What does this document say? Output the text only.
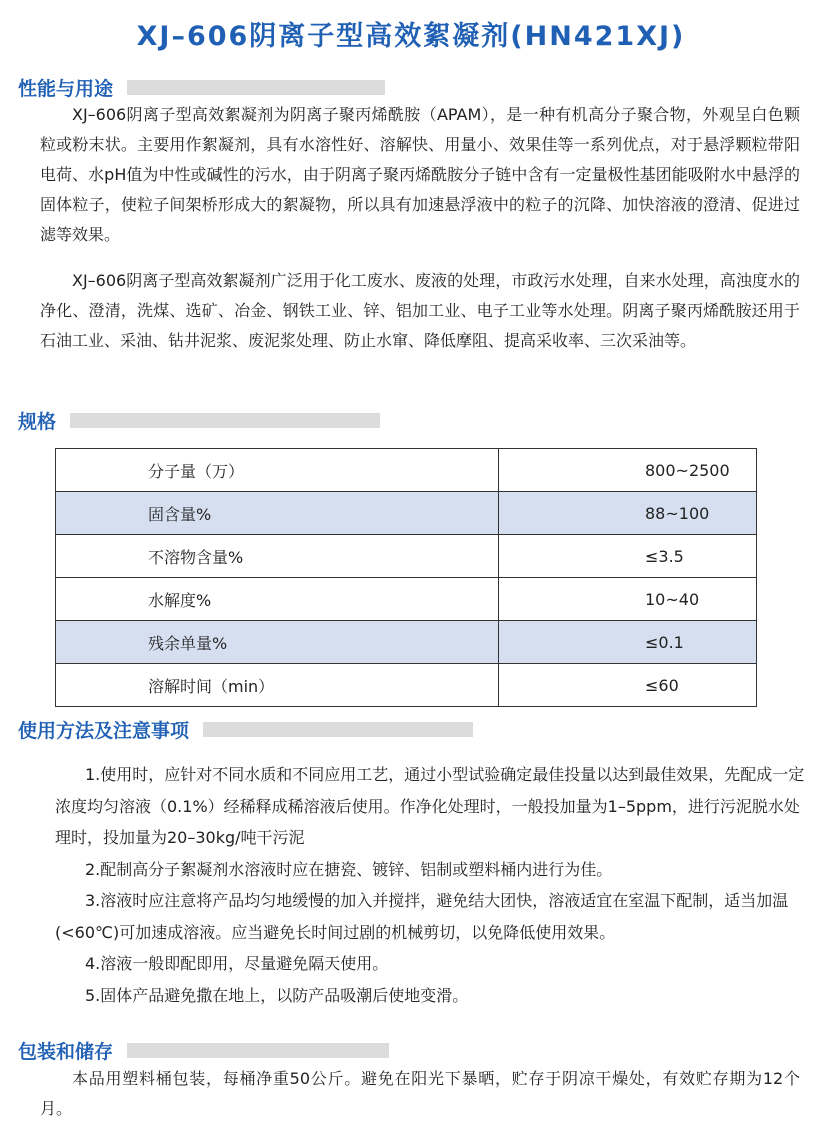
XJ–606阴离子型高效絮凝剂(HN421XJ)
性能与用途

XJ–606阴离子型高效絮凝剂为阴离子聚丙烯酰胺（APAM），是一种有机高分子聚合物，外观呈白色颗粒或粉末状。主要用作絮凝剂，具有水溶性好、溶解快、用量小、效果佳等一系列优点，对于悬浮颗粒带阳电荷、水pH值为中性或碱性的污水，由于阴离子聚丙烯酰胺分子链中含有一定量极性基团能吸附水中悬浮的固体粒子，使粒子间架桥形成大的絮凝物，所以具有加速悬浮液中的粒子的沉降、加快溶液的澄清、促进过滤等效果。

XJ–606阴离子型高效絮凝剂广泛用于化工废水、废液的处理，市政污水处理，自来水处理，高浊度水的净化、澄清，洗煤、选矿、冶金、钢铁工业、锌、铝加工业、电子工业等水处理。阴离子聚丙烯酰胺还用于石油工业、采油、钻井泥浆、废泥浆处理、防止水窜、降低摩阻、提高采收率、三次采油等。

规格
分子量（万）	800~2500
固含量%	88~100
不溶物含量%	≤3.5
水解度%	10~40
残余单量%	≤0.1
溶解时间（min）	≤60
使用方法及注意事项

1.使用时，应针对不同水质和不同应用工艺，通过小型试验确定最佳投量以达到最佳效果，先配成一定浓度均匀溶液（0.1%）经稀释成稀溶液后使用。作净化处理时，一般投加量为1–5ppm，进行污泥脱水处理时，投加量为20–30kg/吨干污泥

2.配制高分子絮凝剂水溶液时应在搪瓷、镀锌、铝制或塑料桶内进行为佳。

3.溶液时应注意将产品均匀地缓慢的加入并搅拌，避免结大团快，溶液适宜在室温下配制，适当加温(<60℃)可加速成溶液。应当避免长时间过剧的机械剪切，以免降低使用效果。

4.溶液一般即配即用，尽量避免隔天使用。

5.固体产品避免撒在地上，以防产品吸潮后使地变滑。

包装和储存

本品用塑料桶包装，每桶净重50公斤。避免在阳光下暴晒，贮存于阴凉干燥处，有效贮存期为12个月。
